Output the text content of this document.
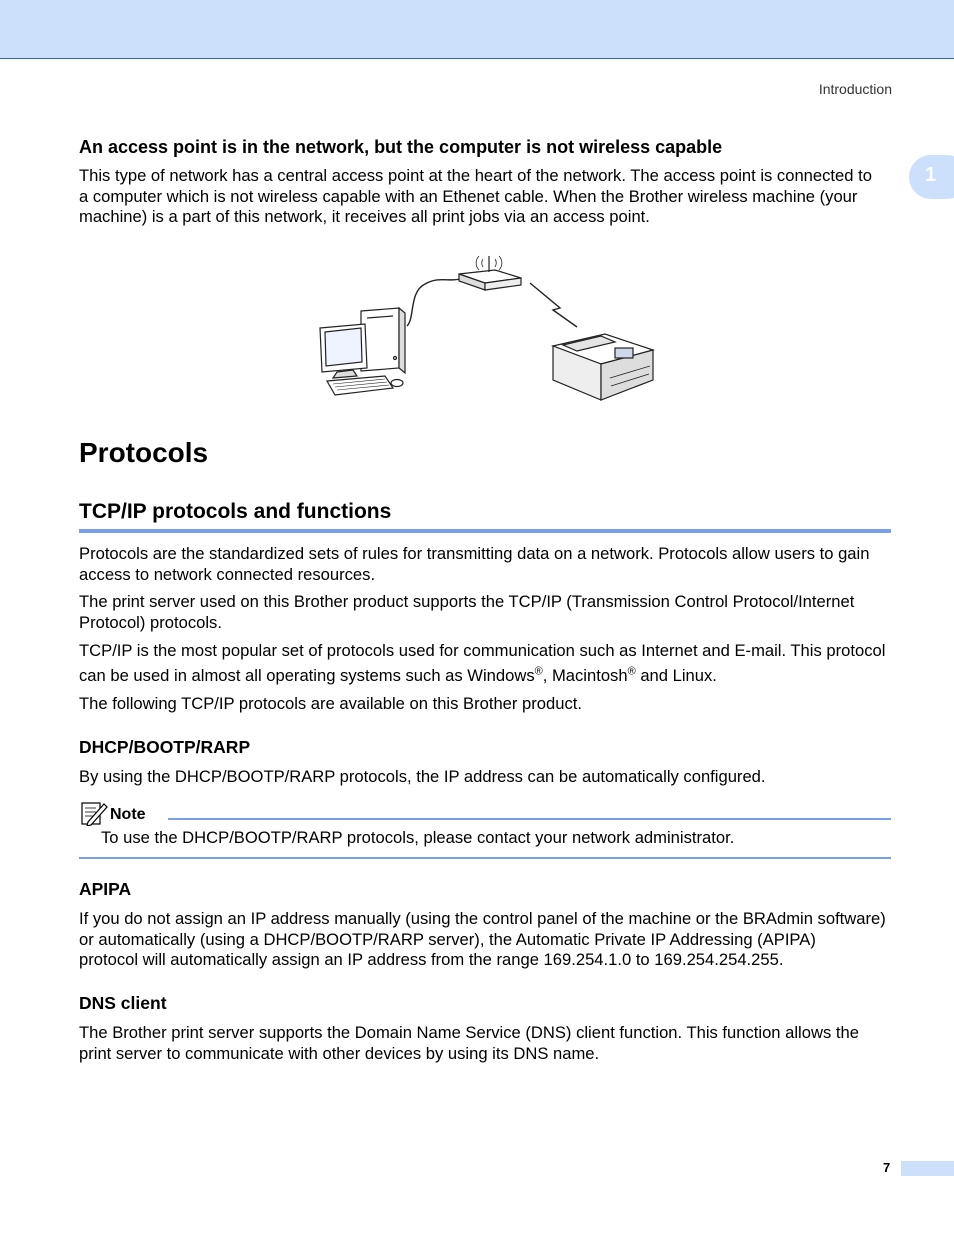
Introduction
1

An access point is in the network, but the computer is not wireless capable

This type of network has a central access point at the heart of the network. The access point is connected to

a computer which is not wireless capable with an Ethenet cable. When the Brother wireless machine (your

machine) is a part of this network, it receives all print jobs via an access point.

Protocols

TCP/IP protocols and functions

Protocols are the standardized sets of rules for transmitting data on a network. Protocols allow users to gain

access to network connected resources.

The print server used on this Brother product supports the TCP/IP (Transmission Control Protocol/Internet

Protocol) protocols.

TCP/IP is the most popular set of protocols used for communication such as Internet and E-mail. This protocol

can be used in almost all operating systems such as Windows®, Macintosh® and Linux.

The following TCP/IP protocols are available on this Brother product.

DHCP/BOOTP/RARP

By using the DHCP/BOOTP/RARP protocols, the IP address can be automatically configured.

Note

To use the DHCP/BOOTP/RARP protocols, please contact your network administrator.

APIPA

If you do not assign an IP address manually (using the control panel of the machine or the BRAdmin software)

or automatically (using a DHCP/BOOTP/RARP server), the Automatic Private IP Addressing (APIPA)

protocol will automatically assign an IP address from the range 169.254.1.0 to 169.254.254.255.

DNS client

The Brother print server supports the Domain Name Service (DNS) client function. This function allows the

print server to communicate with other devices by using its DNS name.

7
